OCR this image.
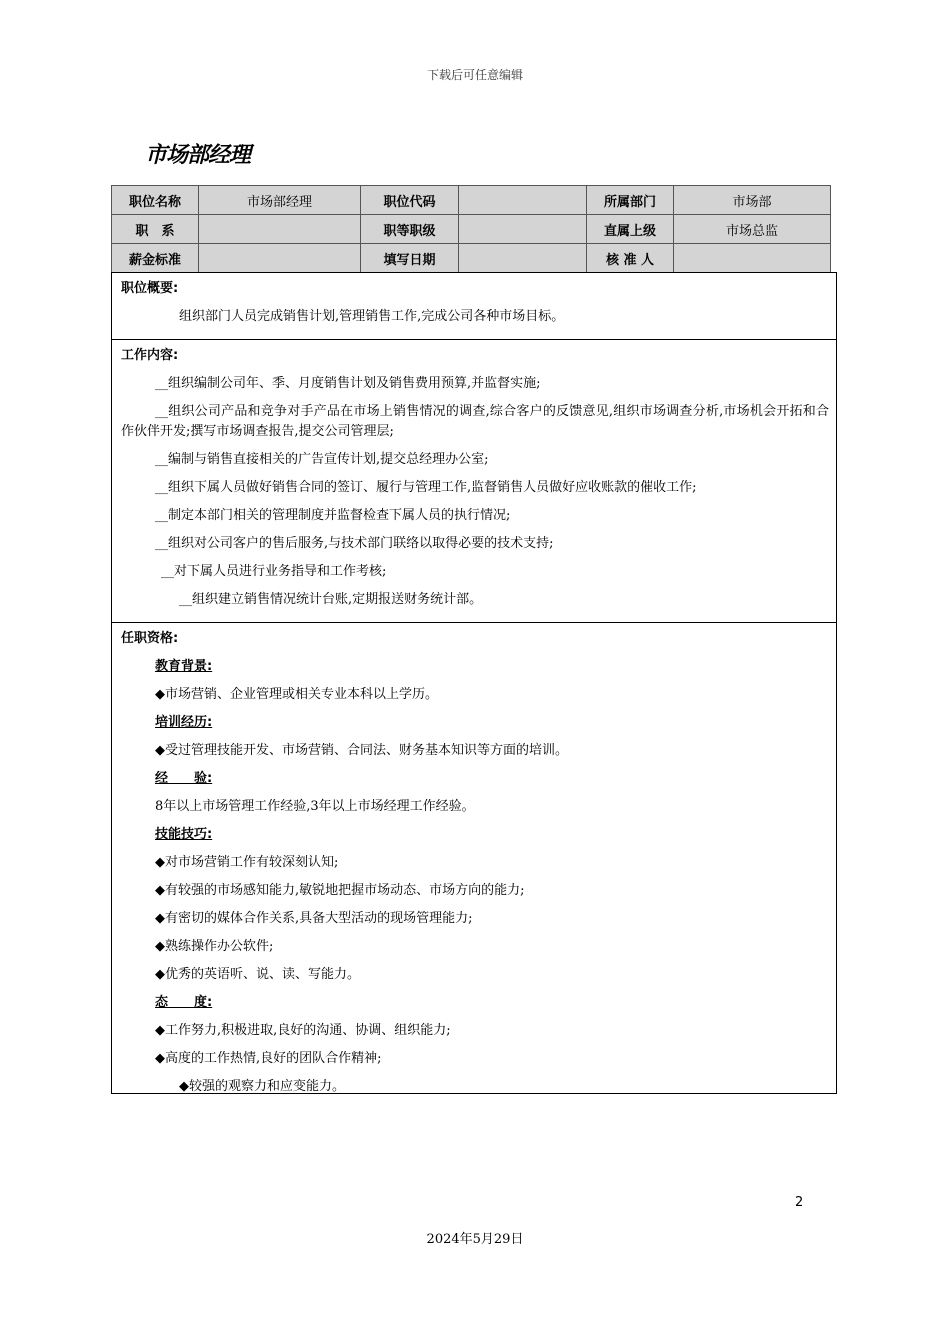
下载后可任意编辑
市场部经理
职位名称	市场部经理	职位代码		所属部门	市场部
职　系		职等职级		直属上级	市场总监
薪金标准		填写日期		核 准 人	
职位概要:
组织部门人员完成销售计划,管理销售工作,完成公司各种市场目标。
工作内容:
__组织编制公司年、季、月度销售计划及销售费用预算,并监督实施;
__组织公司产品和竞争对手产品在市场上销售情况的调查,综合客户的反馈意见,组织市场调查分析,市场机会开拓和合作伙伴开发;撰写市场调查报告,提交公司管理层;
__编制与销售直接相关的广告宣传计划,提交总经理办公室;
__组织下属人员做好销售合同的签订、履行与管理工作,监督销售人员做好应收账款的催收工作;
__制定本部门相关的管理制度并监督检查下属人员的执行情况;
__组织对公司客户的售后服务,与技术部门联络以取得必要的技术支持;
__对下属人员进行业务指导和工作考核;
__组织建立销售情况统计台账,定期报送财务统计部。
任职资格:
教育背景:
◆市场营销、企业管理或相关专业本科以上学历。
培训经历:
◆受过管理技能开发、市场营销、合同法、财务基本知识等方面的培训。
经　　验:
8年以上市场管理工作经验,3年以上市场经理工作经验。
技能技巧:
◆对市场营销工作有较深刻认知;
◆有较强的市场感知能力,敏锐地把握市场动态、市场方向的能力;
◆有密切的媒体合作关系,具备大型活动的现场管理能力;
◆熟练操作办公软件;
◆优秀的英语听、说、读、写能力。
态　　度:
◆工作努力,积极进取,良好的沟通、协调、组织能力;
◆高度的工作热情,良好的团队合作精神;
◆较强的观察力和应变能力。
2
2024年5月29日
